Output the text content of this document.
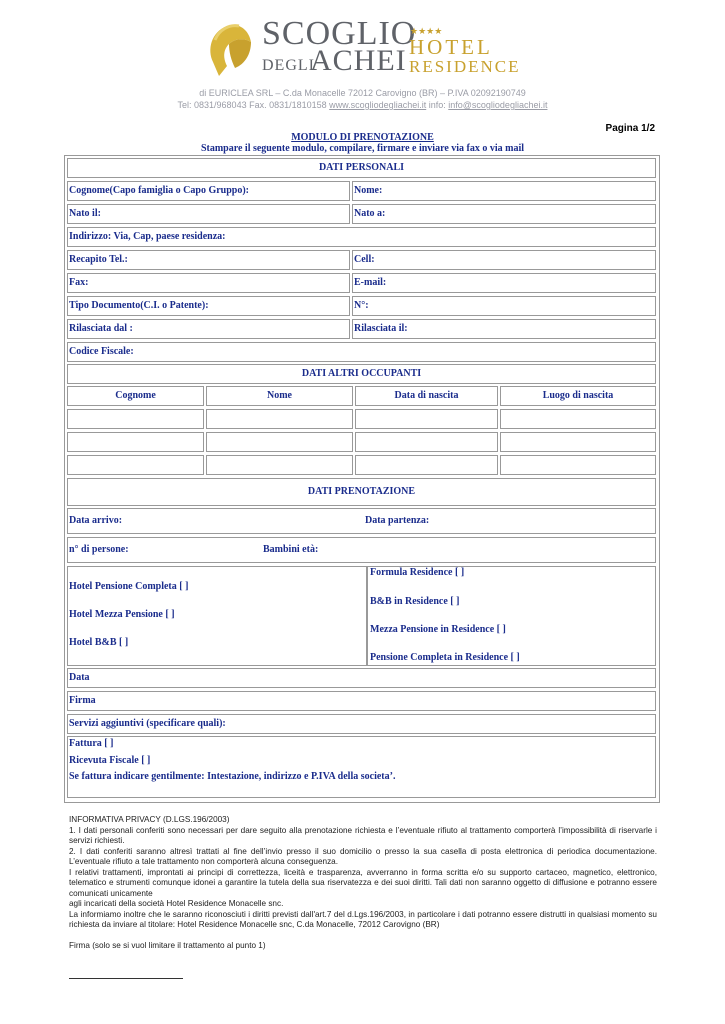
SCOGLIO
DEGLI
ACHEI
★★★★
HOTEL
RESIDENCE
di EURICLEA SRL – C.da Monacelle 72012 Carovigno (BR) – P.IVA 02092190749
Tel: 0831/968043 Fax. 0831/1810158 www.scogliodegliachei.it info: info@scogliodegliachei.it
Pagina 1/2
MODULO DI PRENOTAZIONE
Stampare il seguente modulo, compilare, firmare e inviare via fax o via mail
DATI PERSONALI
Cognome(Capo famiglia o Capo Gruppo):	Nome:
Nato il:	Nato a:
Indirizzo: Via, Cap, paese residenza:
Recapito Tel.:	Cell:
Fax:	E-mail:
Tipo Documento(C.I. o Patente):	N°:
Rilasciata dal :	Rilasciata il:
Codice Fiscale:
DATI ALTRI OCCUPANTI
Cognome	Nome	Data di nascita	Luogo di nascita
DATI PRENOTAZIONE
Data arrivo:	Data partenza:
n° di persone:	Bambini età:
Hotel Pensione Completa [ ]
Hotel Mezza Pensione [ ]
Hotel B&B [ ]
Formula Residence [ ]
B&B in Residence [ ]
Mezza Pensione in Residence [ ]
Pensione Completa in Residence [ ]
Data
Firma
Servizi aggiuntivi (specificare quali):
Fattura [ ]
Ricevuta Fiscale [ ]
Se fattura indicare gentilmente: Intestazione, indirizzo e P.IVA della societa’.
INFORMATIVA PRIVACY (D.LGS.196/2003)
1. I dati personali conferiti sono necessari per dare seguito alla prenotazione richiesta e l’eventuale rifiuto al trattamento comporterà l’impossibilità di riservarle i servizi richiesti.
2. I dati conferiti saranno altresì trattati al fine dell’invio presso il suo domicilio o presso la sua casella di posta elettronica di periodica documentazione. L’eventuale rifiuto a tale trattamento non comporterà alcuna conseguenza.
I relativi trattamenti, improntati ai principi di correttezza, liceità e trasparenza, avverranno in forma scritta e/o su supporto cartaceo, magnetico, elettronico, telematico e strumenti comunque idonei a garantire la tutela della sua riservatezza e dei suoi diritti. Tali dati non saranno oggetto di diffusione e potranno essere comunicati unicamente
agli incaricati della società Hotel Residence Monacelle snc.
La informiamo inoltre che le saranno riconosciuti i diritti previsti dall'art.7 del d.Lgs.196/2003, in particolare i dati potranno essere distrutti in qualsiasi momento su richiesta da inviare al titolare: Hotel Residence Monacelle snc, C.da Monacelle, 72012 Carovigno (BR)
Firma (solo se si vuol limitare il trattamento al punto 1)
